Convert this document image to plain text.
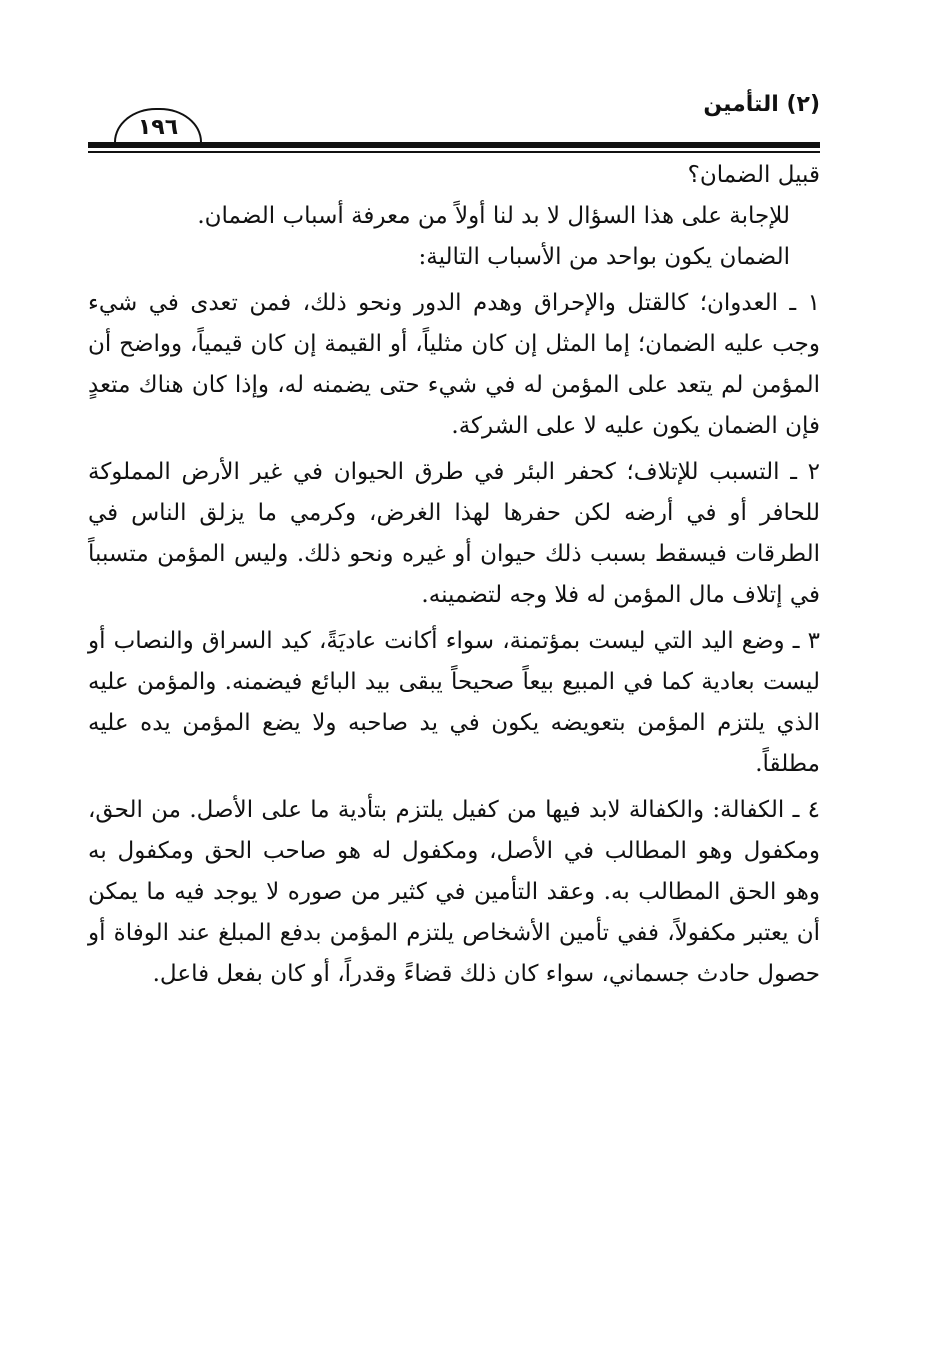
(٢) التأمين
١٩٦

قبيل الضمان؟

للإجابة على هذا السؤال لا بد لنا أولاً من معرفة أسباب الضمان.

الضمان يكون بواحد من الأسباب التالية:

١ ـ العدوان؛ كالقتل والإحراق وهدم الدور ونحو ذلك، فمن تعدى في شيء وجب عليه الضمان؛ إما المثل إن كان مثلياً، أو القيمة إن كان قيمياً، وواضح أن المؤمن لم يتعد على المؤمن له في شيء حتى يضمنه له، وإذا كان هناك متعدٍ فإن الضمان يكون عليه لا على الشركة.

٢ ـ التسبب للإتلاف؛ كحفر البئر في طرق الحيوان في غير الأرض المملوكة للحافر أو في أرضه لكن حفرها لهذا الغرض، وكرمي ما يزلق الناس في الطرقات فيسقط بسبب ذلك حيوان أو غيره ونحو ذلك. وليس المؤمن متسبباً في إتلاف مال المؤمن له فلا وجه لتضمينه.

٣ ـ وضع اليد التي ليست بمؤتمنة، سواء أكانت عاديَةً، كيد السراق والنصاب أو ليست بعادية كما في المبيع بيعاً صحيحاً يبقى بيد البائع فيضمنه. والمؤمن عليه الذي يلتزم المؤمن بتعويضه يكون في يد صاحبه ولا يضع المؤمن يده عليه مطلقاً.

٤ ـ الكفالة: والكفالة لابد فيها من كفيل يلتزم بتأدية ما على الأصل. من الحق، ومكفول وهو المطالب في الأصل، ومكفول له هو صاحب الحق ومكفول به وهو الحق المطالب به. وعقد التأمين في كثير من صوره لا يوجد فيه ما يمكن أن يعتبر مكفولاً، ففي تأمين الأشخاص يلتزم المؤمن بدفع المبلغ عند الوفاة أو حصول حادث جسماني، سواء كان ذلك قضاءً وقدراً، أو كان بفعل فاعل.
